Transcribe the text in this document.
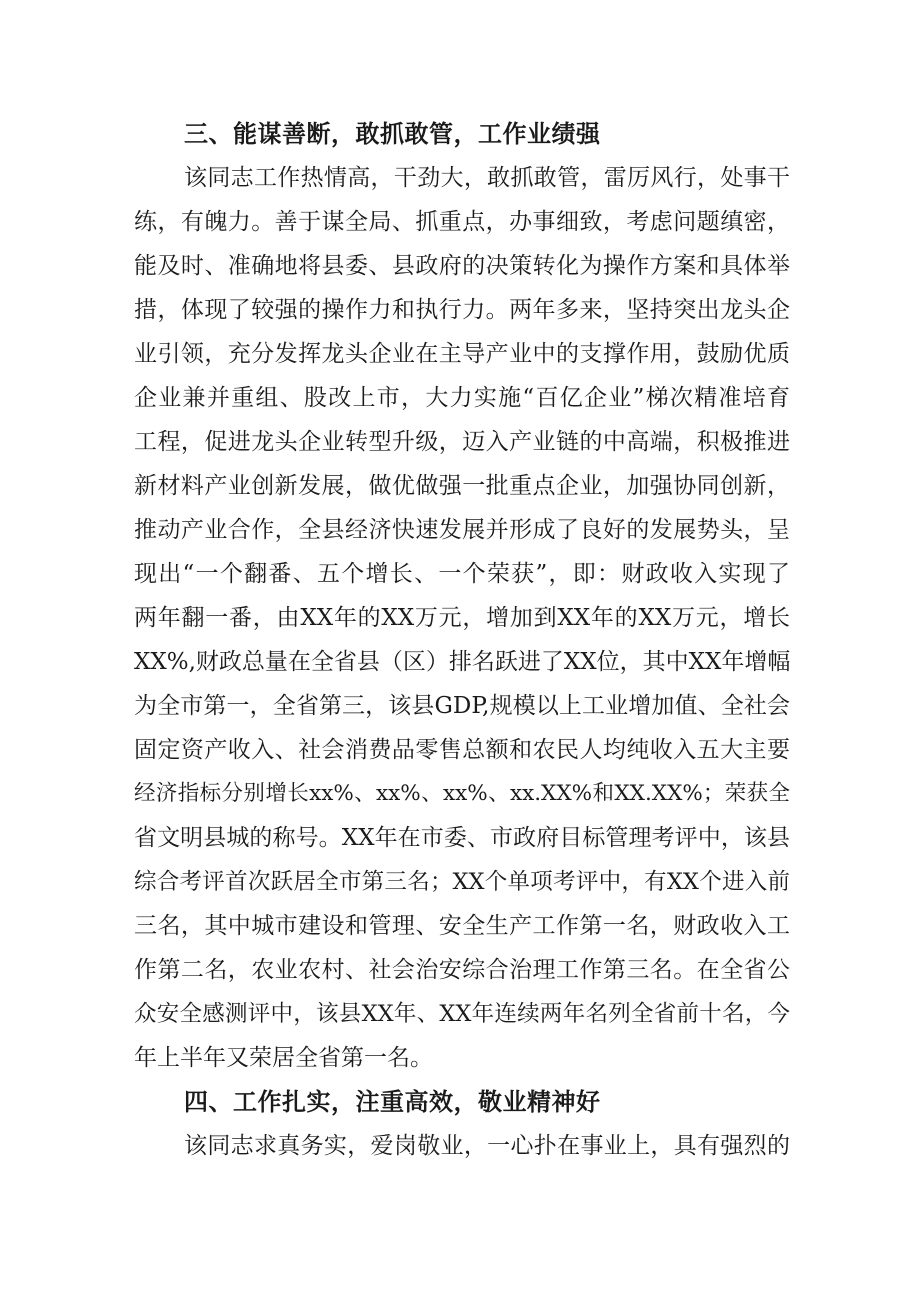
三、能谋善断，敢抓敢管，工作业绩强

该同志工作热情高，干劲大，敢抓敢管，雷厉风行，处事干
练，有魄力。善于谋全局、抓重点，办事细致，考虑问题缜密，
能及时、准确地将县委、县政府的决策转化为操作方案和具体举
措，体现了较强的操作力和执行力。两年多来，坚持突出龙头企
业引领，充分发挥龙头企业在主导产业中的支撑作用，鼓励优质
企业兼并重组、股改上市，大力实施“百亿企业”梯次精准培育
工程，促进龙头企业转型升级，迈入产业链的中高端，积极推进
新材料产业创新发展，做优做强一批重点企业，加强协同创新，
推动产业合作，全县经济快速发展并形成了良好的发展势头，呈
现出“一个翻番、五个增长、一个荣获”，即：财政收入实现了
两年翻一番，由XX年的XX万元，增加到XX年的XX万元，增长
XX%,财政总量在全省县（区）排名跃进了XX位，其中XX年增幅
为全市第一，全省第三，该县GDP,规模以上工业增加值、全社会
固定资产收入、社会消费品零售总额和农民人均纯收入五大主要
经济指标分别增长xx%、xx%、xx%、xx.XX%和XX.XX%；荣获全
省文明县城的称号。XX年在市委、市政府目标管理考评中，该县
综合考评首次跃居全市第三名；XX个单项考评中，有XX个进入前
三名，其中城市建设和管理、安全生产工作第一名，财政收入工
作第二名，农业农村、社会治安综合治理工作第三名。在全省公
众安全感测评中，该县XX年、XX年连续两年名列全省前十名，今
年上半年又荣居全省第一名。

四、工作扎实，注重高效，敬业精神好

该同志求真务实，爱岗敬业，一心扑在事业上，具有强烈的
